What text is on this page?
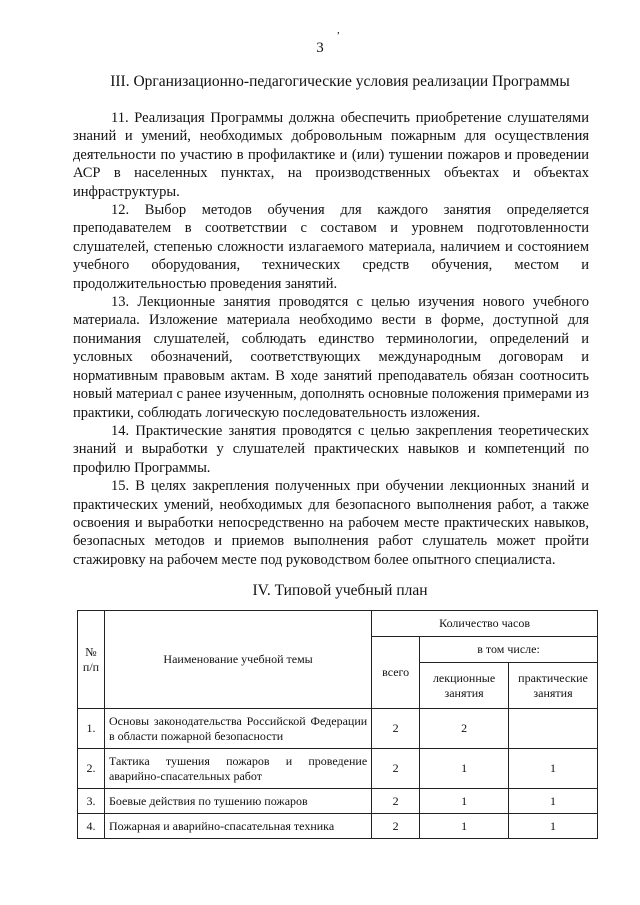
,
3
III. Организационно-педагогические условия реализации Программы

11. Реализация Программы должна обеспечить приобретение слушателями знаний и умений, необходимых добровольным пожарным для осуществления деятельности по участию в профилактике и (или) тушении пожаров и проведении АСР в населенных пунктах, на производственных объектах и объектах инфраструктуры.

12. Выбор методов обучения для каждого занятия определяется преподавателем в соответствии с составом и уровнем подготовленности слушателей, степенью сложности излагаемого материала, наличием и состоянием учебного оборудования, технических средств обучения, местом и продолжительностью проведения занятий.

13. Лекционные занятия проводятся с целью изучения нового учебного материала. Изложение материала необходимо вести в форме, доступной для понимания слушателей, соблюдать единство терминологии, определений и условных обозначений, соответствующих международным договорам и нормативным правовым актам. В ходе занятий преподаватель обязан соотносить новый материал с ранее изученным, дополнять основные положения примерами из практики, соблюдать логическую последовательность изложения.

14. Практические занятия проводятся с целью закрепления теоретических знаний и выработки у слушателей практических навыков и компетенций по профилю Программы.

15. В целях закрепления полученных при обучении лекционных знаний и практических умений, необходимых для безопасного выполнения работ, а также освоения и выработки непосредственно на рабочем месте практических навыков, безопасных методов и приемов выполнения работ слушатель может пройти стажировку на рабочем месте под руководством более опытного специалиста.

IV. Типовой учебный план
№ п/п	Наименование учебной темы	Количество часов		
		всего	в том числе:	
			лекционные занятия	практические занятия
1.	Основы законодательства Российской Федерации в области пожарной безопасности	2	2	
2.	Тактика тушения пожаров и проведение аварийно-спасательных работ	2	1	1
3.	Боевые действия по тушению пожаров	2	1	1
4.	Пожарная и аварийно-спасательная техника	2	1	1
